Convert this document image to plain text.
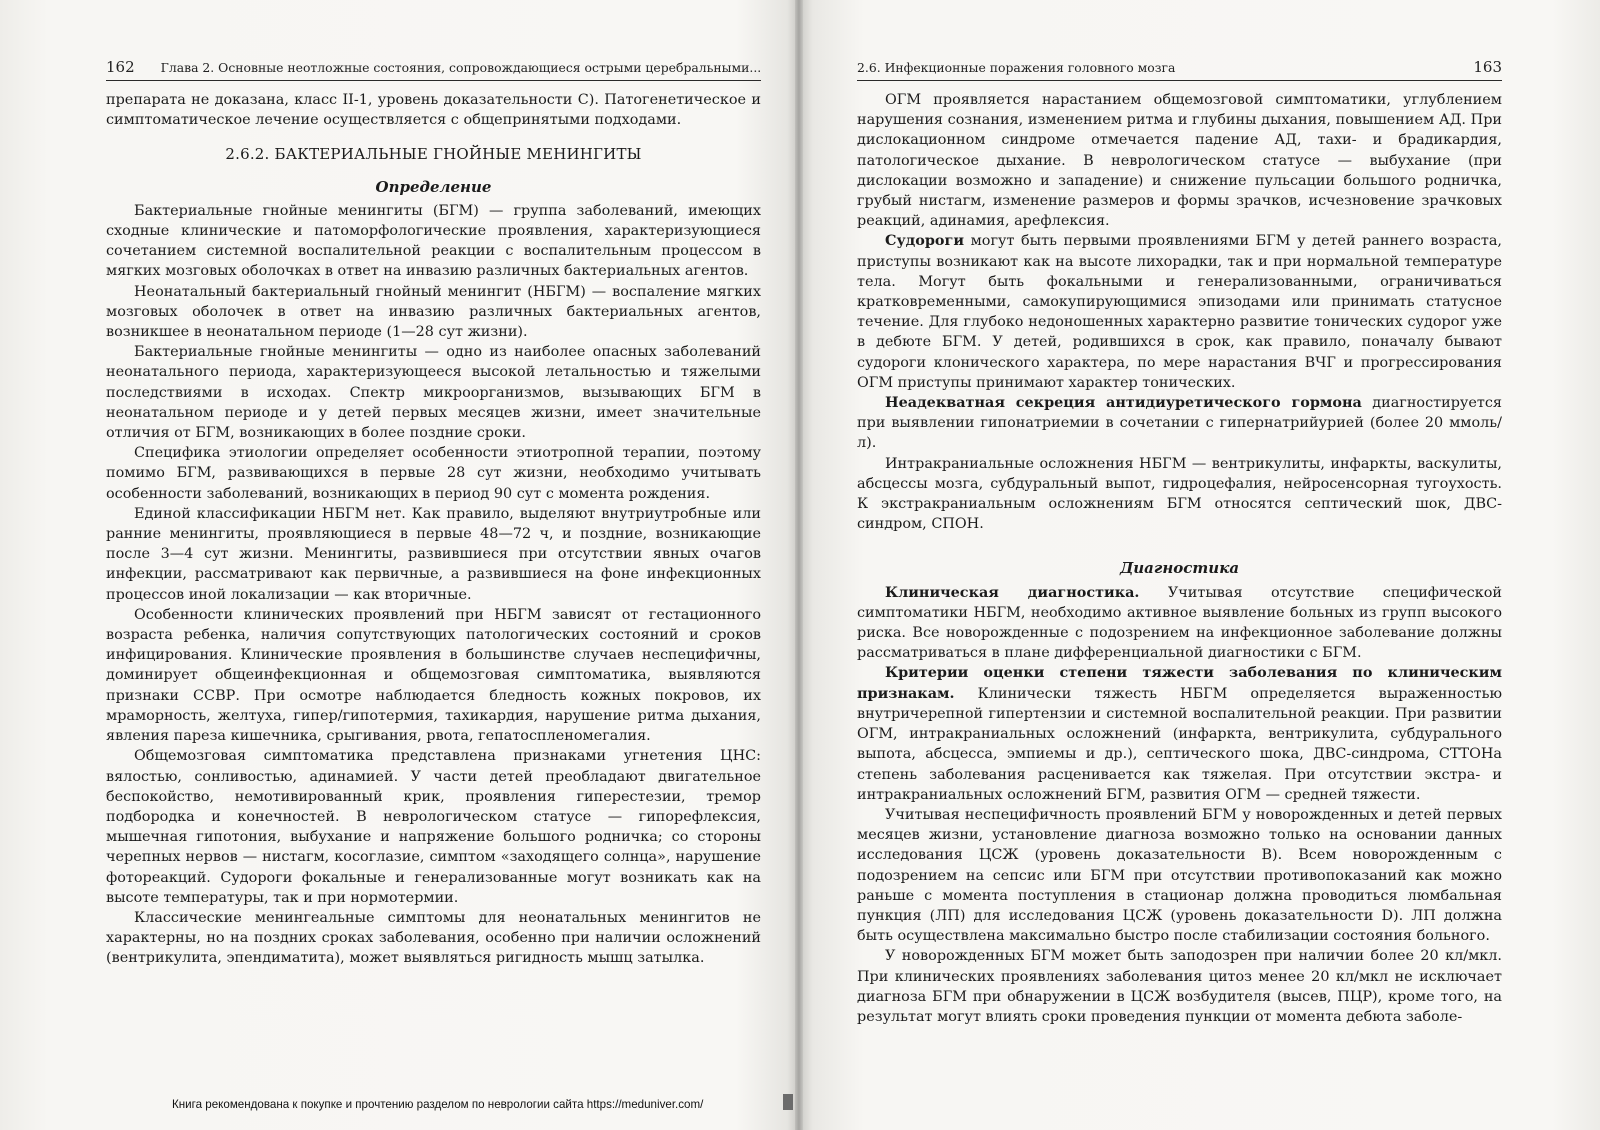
162 Глава 2. Основные неотложные состояния, сопровождающиеся острыми церебральными...

препарата не доказана, класс II-1, уровень доказательности С). Патогенетическое и симптоматическое лечение осуществляется с общепринятыми подходами.

2.6.2. БАКТЕРИАЛЬНЫЕ ГНОЙНЫЕ МЕНИНГИТЫ
Определение

Бактериальные гнойные менингиты (БГМ) — группа заболеваний, имеющих сходные клинические и патоморфологические проявления, характеризующиеся сочетанием системной воспалительной реакции с воспалительным процессом в мягких мозговых оболочках в ответ на инвазию различных бактериальных агентов.

Неонатальный бактериальный гнойный менингит (НБГМ) — воспаление мягких мозговых оболочек в ответ на инвазию различных бактериальных агентов, возникшее в неонатальном периоде (1—28 сут жизни).

Бактериальные гнойные менингиты — одно из наиболее опасных заболеваний неонатального периода, характеризующееся высокой летальностью и тяжелыми последствиями в исходах. Спектр микроорганизмов, вызывающих БГМ в неонатальном периоде и у детей первых месяцев жизни, имеет значительные отличия от БГМ, возникающих в более поздние сроки.

Специфика этиологии определяет особенности этиотропной терапии, поэтому помимо БГМ, развивающихся в первые 28 сут жизни, необходимо учитывать особенности заболеваний, возникающих в период 90 сут с момента рождения.

Единой классификации НБГМ нет. Как правило, выделяют внутриутробные или ранние менингиты, проявляющиеся в первые 48—72 ч, и поздние, возникающие после 3—4 сут жизни. Менингиты, развившиеся при отсутствии явных очагов инфекции, рассматривают как первичные, а развившиеся на фоне инфекционных процессов иной локализации — как вторичные.

Особенности клинических проявлений при НБГМ зависят от гестационного возраста ребенка, наличия сопутствующих патологических состояний и сроков инфицирования. Клинические проявления в большинстве случаев неспецифичны, доминирует общеинфекционная и общемозговая симптоматика, выявляются признаки ССВР. При осмотре наблюдается бледность кожных покровов, их мраморность, желтуха, гипер/гипотермия, тахикардия, нарушение ритма дыхания, явления пареза кишечника, срыгивания, рвота, гепатоспленомегалия.

Общемозговая симптоматика представлена признаками угнетения ЦНС: вялостью, сонливостью, адинамией. У части детей преобладают двигательное беспокойство, немотивированный крик, проявления гиперестезии, тремор подбородка и конечностей. В неврологическом статусе — гипорефлексия, мышечная гипотония, выбухание и напряжение большого родничка; со стороны черепных нервов — нистагм, косоглазие, симптом «заходящего солнца», нарушение фотореакций. Судороги фокальные и генерализованные могут возникать как на высоте температуры, так и при нормотермии.

Классические менингеальные симптомы для неонатальных менингитов не характерны, но на поздних сроках заболевания, особенно при наличии осложнений (вентрикулита, эпендиматита), может выявляться ригидность мышц затылка.

2.6. Инфекционные поражения головного мозга	163

ОГМ проявляется нарастанием общемозговой симптоматики, углублением нарушения сознания, изменением ритма и глубины дыхания, повышением АД. При дислокационном синдроме отмечается падение АД, тахи- и брадикардия, патологическое дыхание. В неврологическом статусе — выбухание (при дислокации возможно и западение) и снижение пульсации большого родничка, грубый нистагм, изменение размеров и формы зрачков, исчезновение зрачковых реакций, адинамия, арефлексия.

Судороги могут быть первыми проявлениями БГМ у детей раннего возраста, приступы возникают как на высоте лихорадки, так и при нормальной температуре тела. Могут быть фокальными и генерализованными, ограничиваться кратковременными, самокупирующимися эпизодами или принимать статусное течение. Для глубоко недоношенных характерно развитие тонических судорог уже в дебюте БГМ. У детей, родившихся в срок, как правило, поначалу бывают судороги клонического характера, по мере нарастания ВЧГ и прогрессирования ОГМ приступы принимают характер тонических.

Неадекватная секреция антидиуретического гормона диагностируется при выявлении гипонатриемии в сочетании с гипернатрийурией (более 20 ммоль/л).

Интракраниальные осложнения НБГМ — вентрикулиты, инфаркты, васкулиты, абсцессы мозга, субдуральный выпот, гидроцефалия, нейросенсорная тугоухость. К экстракраниальным осложнениям БГМ относятся септический шок, ДВС-синдром, СПОН.

Диагностика

Клиническая диагностика. Учитывая отсутствие специфической симптоматики НБГМ, необходимо активное выявление больных из групп высокого риска. Все новорожденные с подозрением на инфекционное заболевание должны рассматриваться в плане дифференциальной диагностики с БГМ.

Критерии оценки степени тяжести заболевания по клиническим признакам. Клинически тяжесть НБГМ определяется выраженностью внутричерепной гипертензии и системной воспалительной реакции. При развитии ОГМ, интракраниальных осложнений (инфаркта, вентрикулита, субдурального выпота, абсцесса, эмпиемы и др.), септического шока, ДВС-синдрома, СТТОНа степень заболевания расценивается как тяжелая. При отсутствии экстра- и интракраниальных осложнений БГМ, развития ОГМ — средней тяжести.

Учитывая неспецифичность проявлений БГМ у новорожденных и детей первых месяцев жизни, установление диагноза возможно только на основании данных исследования ЦСЖ (уровень доказательности В). Всем новорожденным с подозрением на сепсис или БГМ при отсутствии противопоказаний как можно раньше с момента поступления в стационар должна проводиться люмбальная пункция (ЛП) для исследования ЦСЖ (уровень доказательности D). ЛП должна быть осуществлена максимально быстро после стабилизации состояния больного.

У новорожденных БГМ может быть заподозрен при наличии более 20 кл/мкл. При клинических проявлениях заболевания цитоз менее 20 кл/мкл не исключает диагноза БГМ при обнаружении в ЦСЖ возбудителя (высев, ПЦР), кроме того, на результат могут влиять сроки проведения пункции от момента дебюта заболе-

Книга рекомендована к покупке и прочтению разделом по неврологии сайта https://meduniver.com/
